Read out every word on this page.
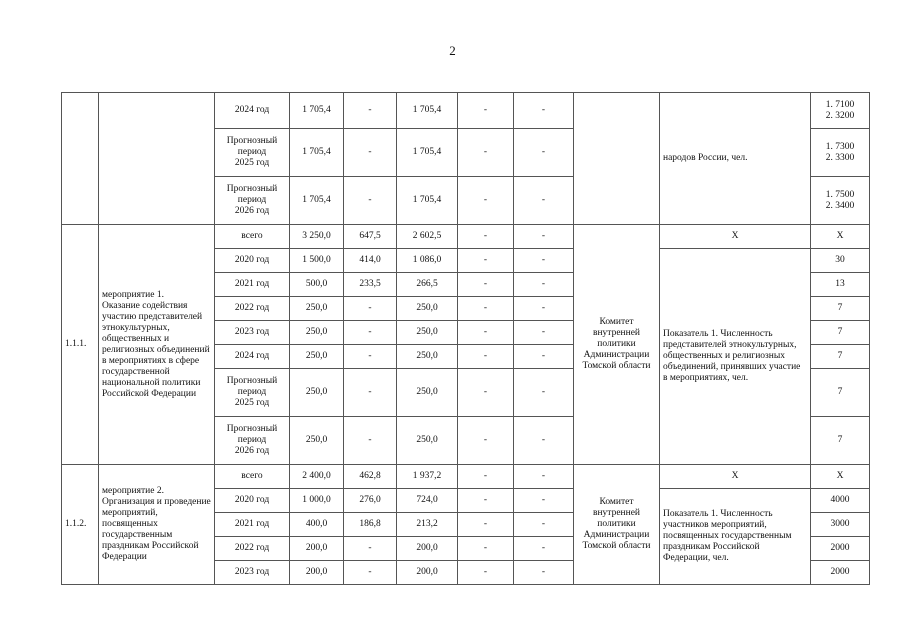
2
		2024 год	1 705,4	-	1 705,4	-	-		народов России, чел.	1. 7100
2. 3200
		Прогнозный
период
2025 год	1 705,4	-	1 705,4	-	-			1. 7300
2. 3300
		Прогнозный
период
2026 год	1 705,4	-	1 705,4	-	-			1. 7500
2. 3400
1.1.1.	мероприятие 1.
Оказание содействия участию представителей этнокультурных, общественных и религиозных объединений в мероприятиях в сфере государственной национальной политики Российской Федерации	всего	3 250,0	647,5	2 602,5	-	-	Комитет внутренней политики Администрации Томской области	X	X
		2020 год	1 500,0	414,0	1 086,0	-	-		Показатель 1. Численность представителей этнокультурных, общественных и религиозных объединений, принявших участие в мероприятиях, чел.	30
		2021 год	500,0	233,5	266,5	-	-			13
		2022 год	250,0	-	250,0	-	-			7
		2023 год	250,0	-	250,0	-	-			7
		2024 год	250,0	-	250,0	-	-			7
		Прогнозный
период
2025 год	250,0	-	250,0	-	-			7
		Прогнозный
период
2026 год	250,0	-	250,0	-	-			7
1.1.2.	мероприятие 2.
Организация и проведение мероприятий, посвященных государственным праздникам Российской Федерации	всего	2 400,0	462,8	1 937,2	-	-	Комитет внутренней политики Администрации Томской области	X	X
		2020 год	1 000,0	276,0	724,0	-	-		Показатель 1. Численность участников мероприятий, посвященных государственным праздникам Российской Федерации, чел.	4000
		2021 год	400,0	186,8	213,2	-	-			3000
		2022 год	200,0	-	200,0	-	-			2000
		2023 год	200,0	-	200,0	-	-			2000
